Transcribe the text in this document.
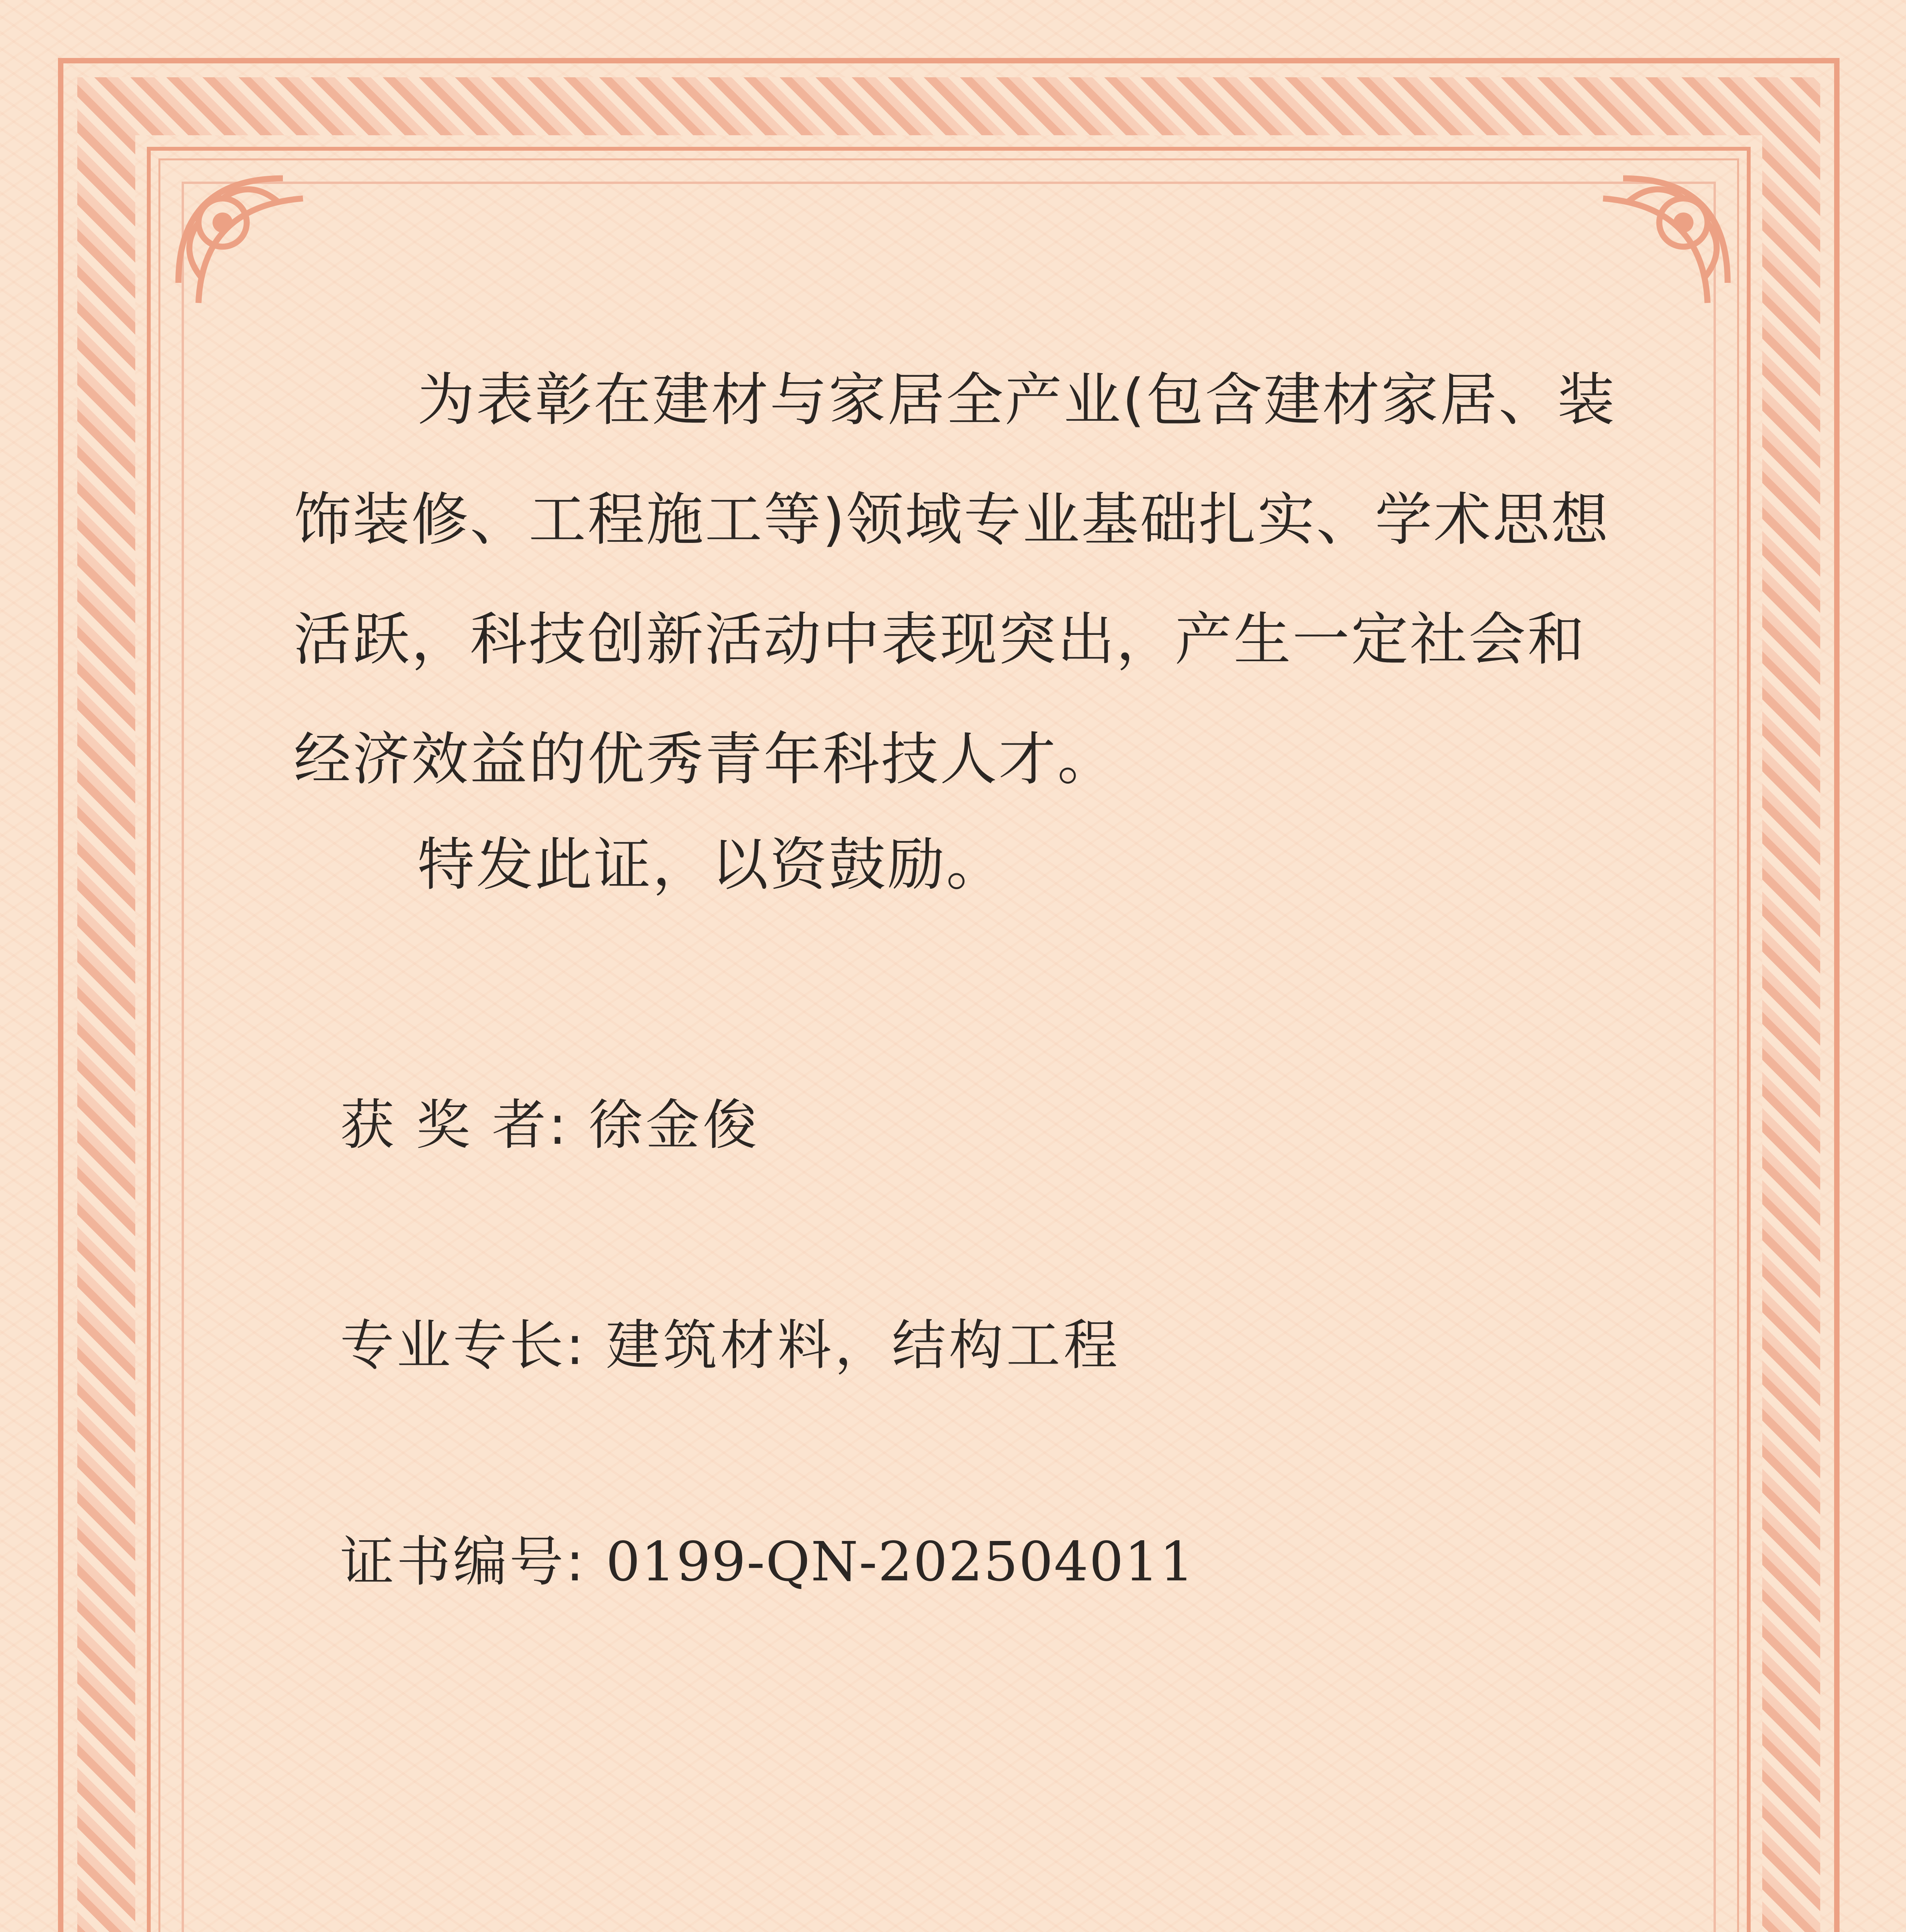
为表彰在建材与家居全产业(包含建材家居、装饰装修、工程施工等)领域专业基础扎实、学术思想活跃，科技创新活动中表现突出，产生一定社会和经济效益的优秀青年科技人才。
特发此证，以资鼓励。
获 奖 者: 徐金俊
专业专长: 建筑材料，结构工程
证书编号: 0199-QN-202504011
